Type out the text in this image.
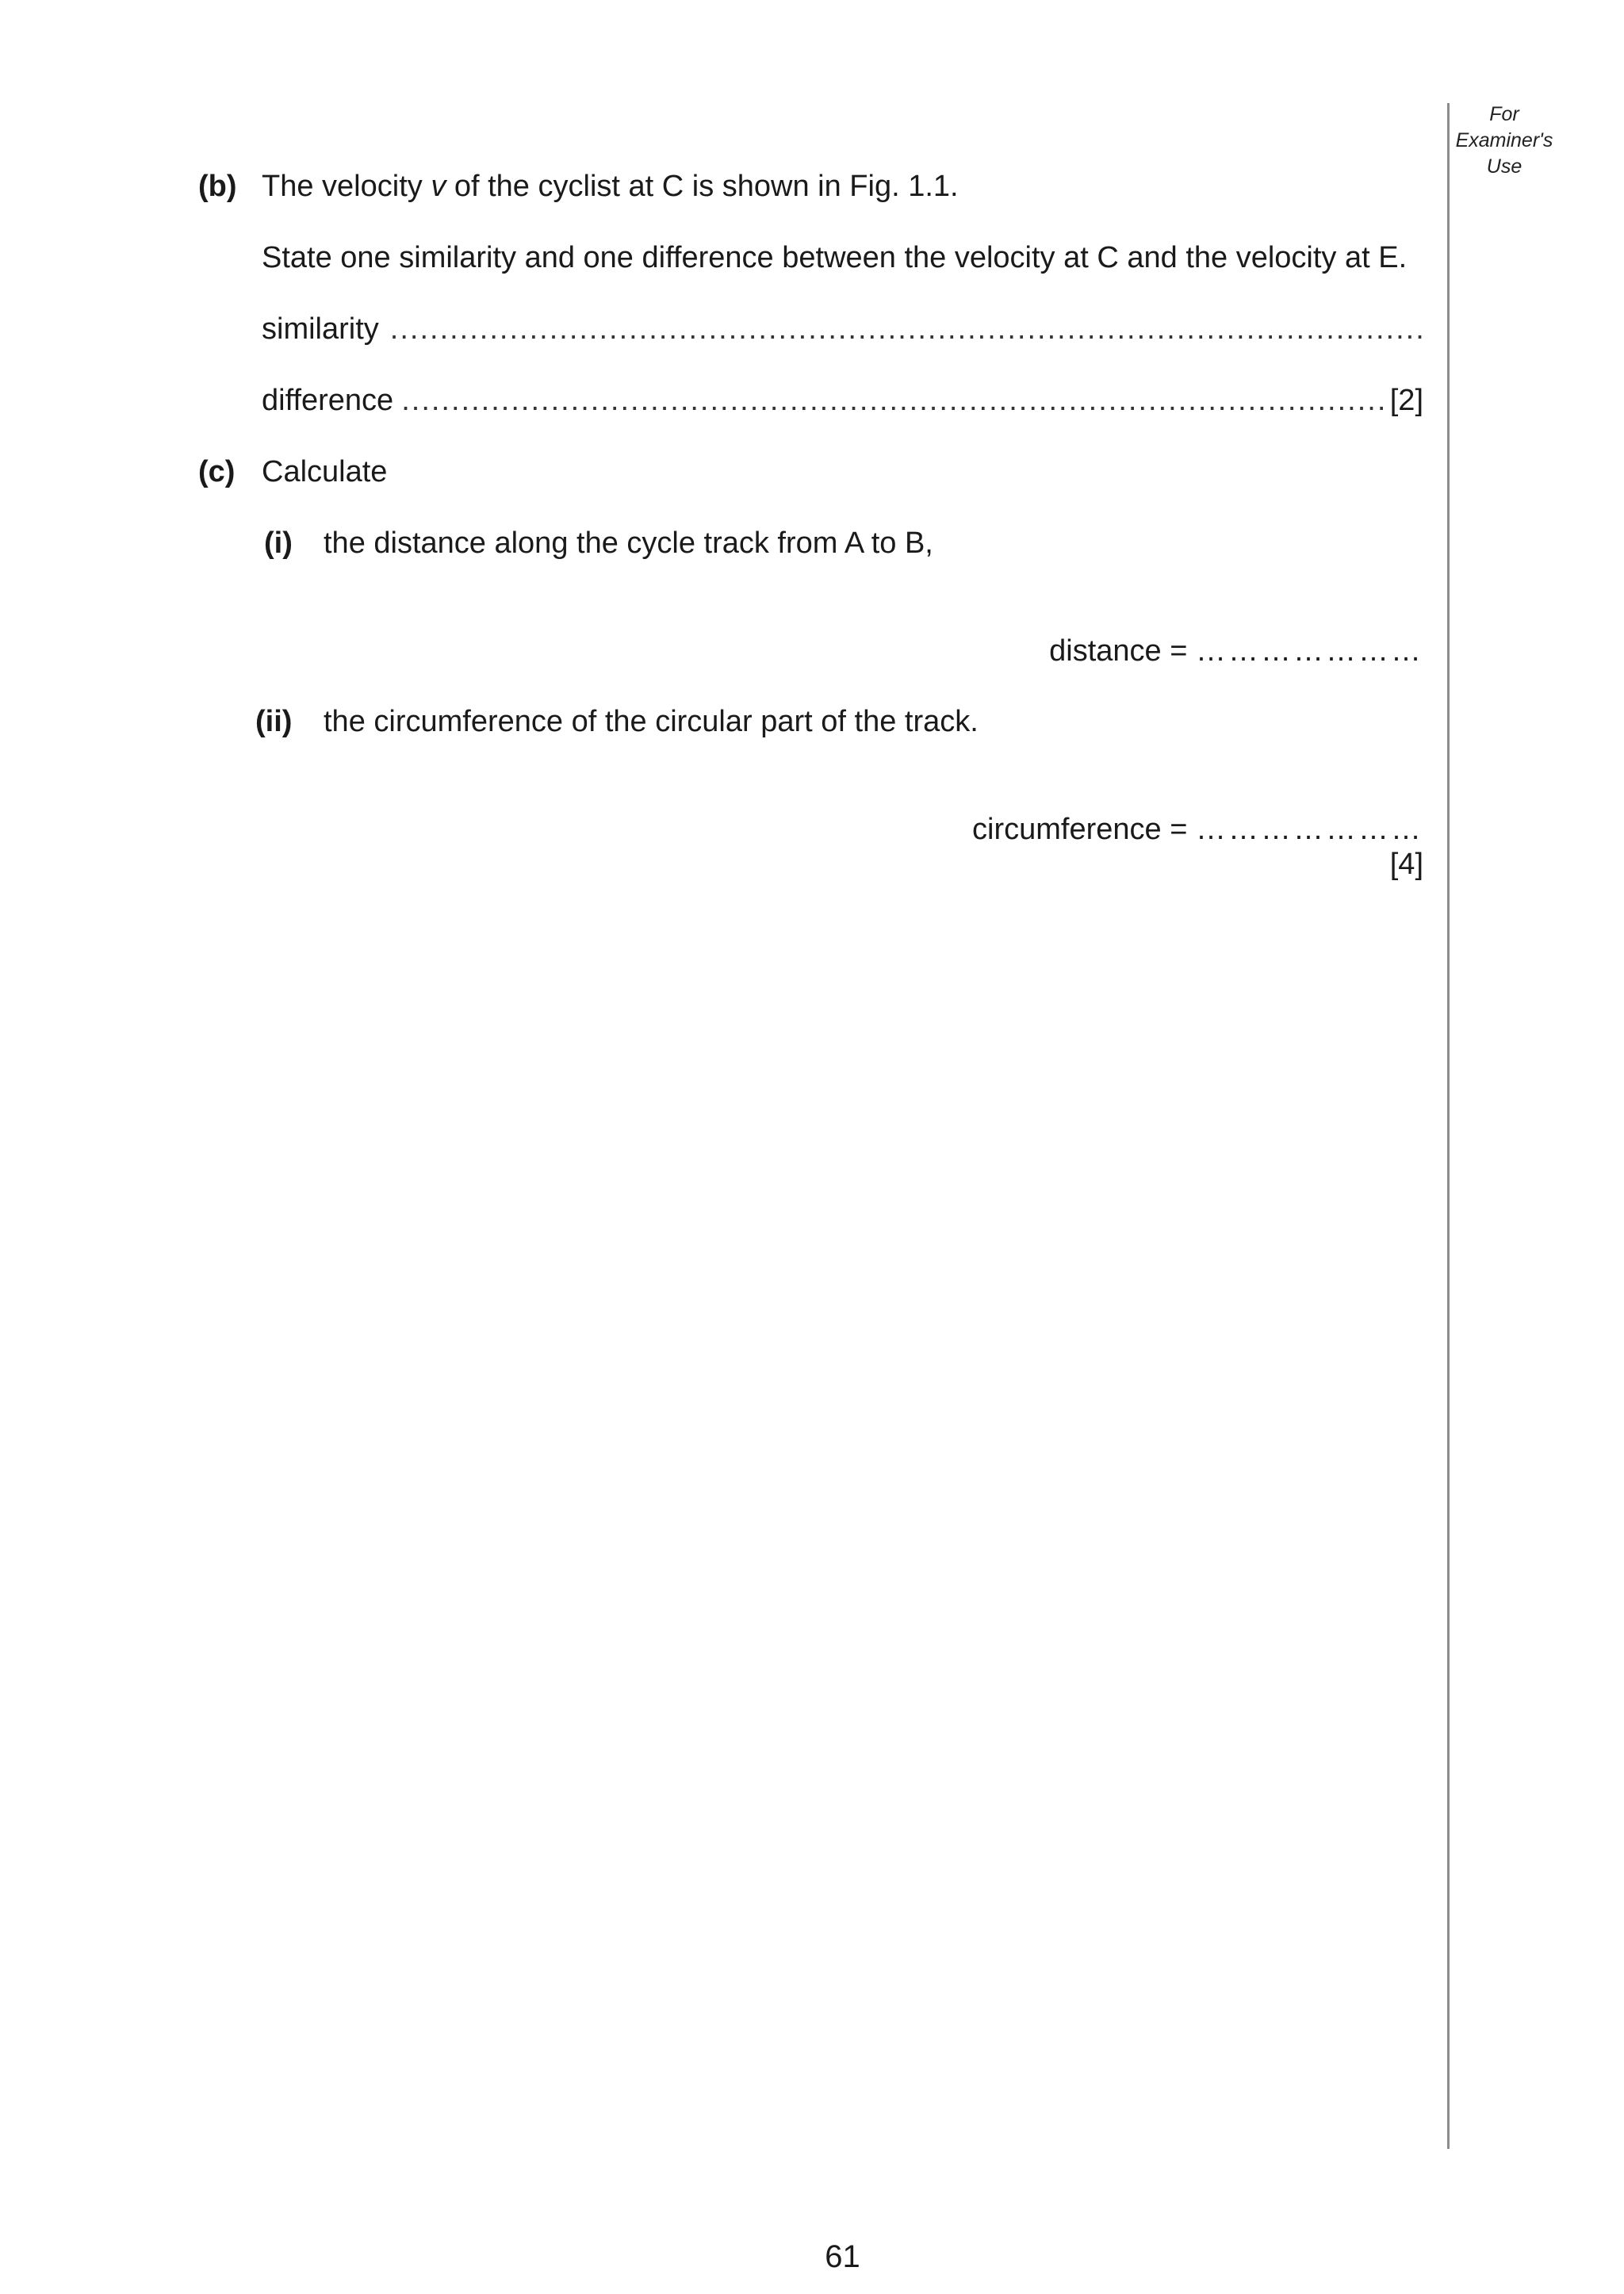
For
Examiner's
Use
(b) The velocity v of the cyclist at C is shown in Fig. 1.1.
State one similarity and one difference between the velocity at C and the velocity at E.
similarity
.....
difference
.....	[2]
(c) Calculate
(i) the distance along the cycle track from A to B,
distance = …………………
(ii) the circumference of the circular part of the track.
circumference = …………………
[4]
61
